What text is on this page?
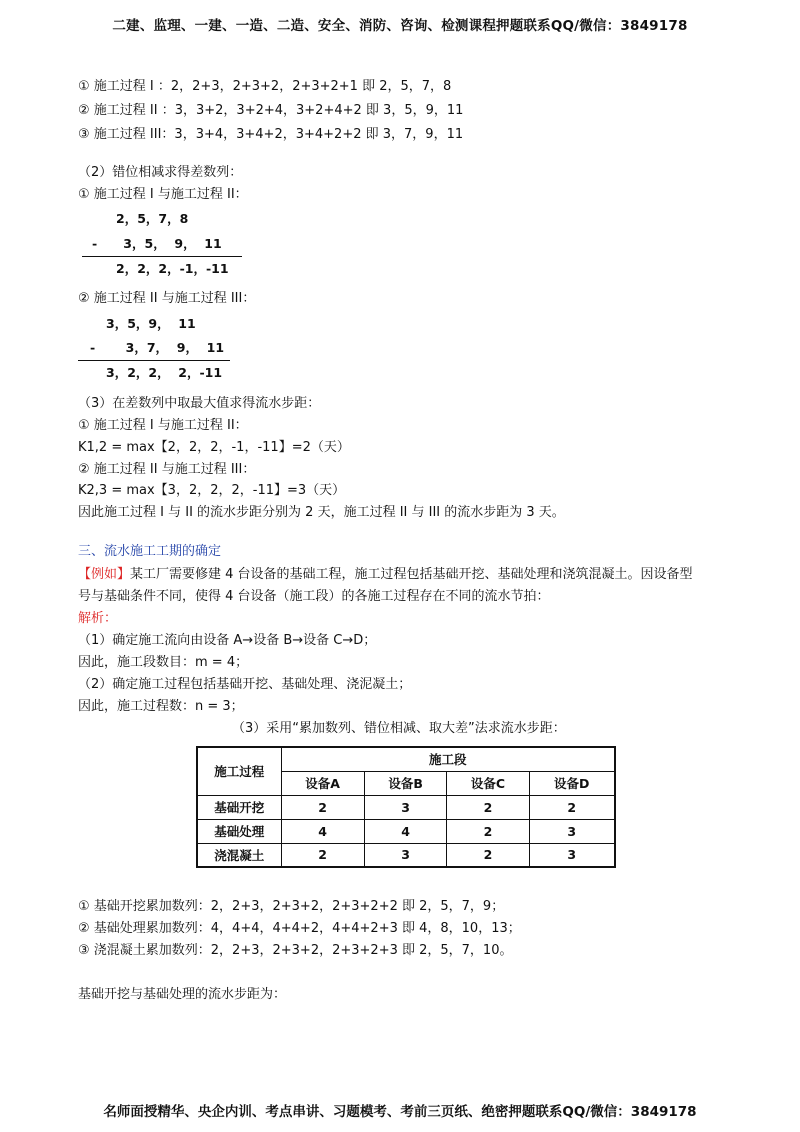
二建、监理、一建、一造、二造、安全、消防、咨询、检测课程押题联系QQ/微信：3849178
① 施工过程 I ：2，2+3，2+3+2，2+3+2+1 即 2，5，7，8
② 施工过程 II ：3，3+2，3+2+4，3+2+4+2 即 3，5，9，11
③ 施工过程 III：3，3+4，3+4+2，3+4+2+2 即 3，7，9，11
（2）错位相减求得差数列：
① 施工过程 I 与施工过程 II：
2，5，7，8
-      3，5，  9，  11
2，2，2，-1，-11
② 施工过程 II 与施工过程 III：
3，5，9，  11
-       3，7，  9，  11
3，2，2，  2，-11
（3）在差数列中取最大值求得流水步距：
① 施工过程 I 与施工过程 II：
K1,2 = max【2，2，2，-1，-11】=2（天）
② 施工过程 II 与施工过程 III：
K2,3 = max【3，2，2，2，-11】=3（天）
因此施工过程 I 与 II 的流水步距分别为 2 天，施工过程 II 与 III 的流水步距为 3 天。
三、流水施工工期的确定
【例如】某工厂需要修建 4 台设备的基础工程，施工过程包括基础开挖、基础处理和浇筑混凝土。因设备型
号与基础条件不同，使得 4 台设备（施工段）的各施工过程存在不同的流水节拍：
解析：
（1）确定施工流向由设备 A→设备 B→设备 C→D；
因此，施工段数目：m = 4；
（2）确定施工过程包括基础开挖、基础处理、浇泥凝土；
因此，施工过程数：n = 3；
（3）采用“累加数列、错位相减、取大差”法求流水步距：
施工过程	施工段			
	设备A	设备B	设备C	设备D
基础开挖	2	3	2	2
基础处理	4	4	2	3
浇混凝土	2	3	2	3
① 基础开挖累加数列：2，2+3，2+3+2，2+3+2+2 即 2，5，7，9；
② 基础处理累加数列：4，4+4，4+4+2，4+4+2+3 即 4，8，10，13；
③ 浇混凝土累加数列：2，2+3，2+3+2，2+3+2+3 即 2，5，7，10。
基础开挖与基础处理的流水步距为：
名师面授精华、央企内训、考点串讲、习题模考、考前三页纸、绝密押题联系QQ/微信：3849178
